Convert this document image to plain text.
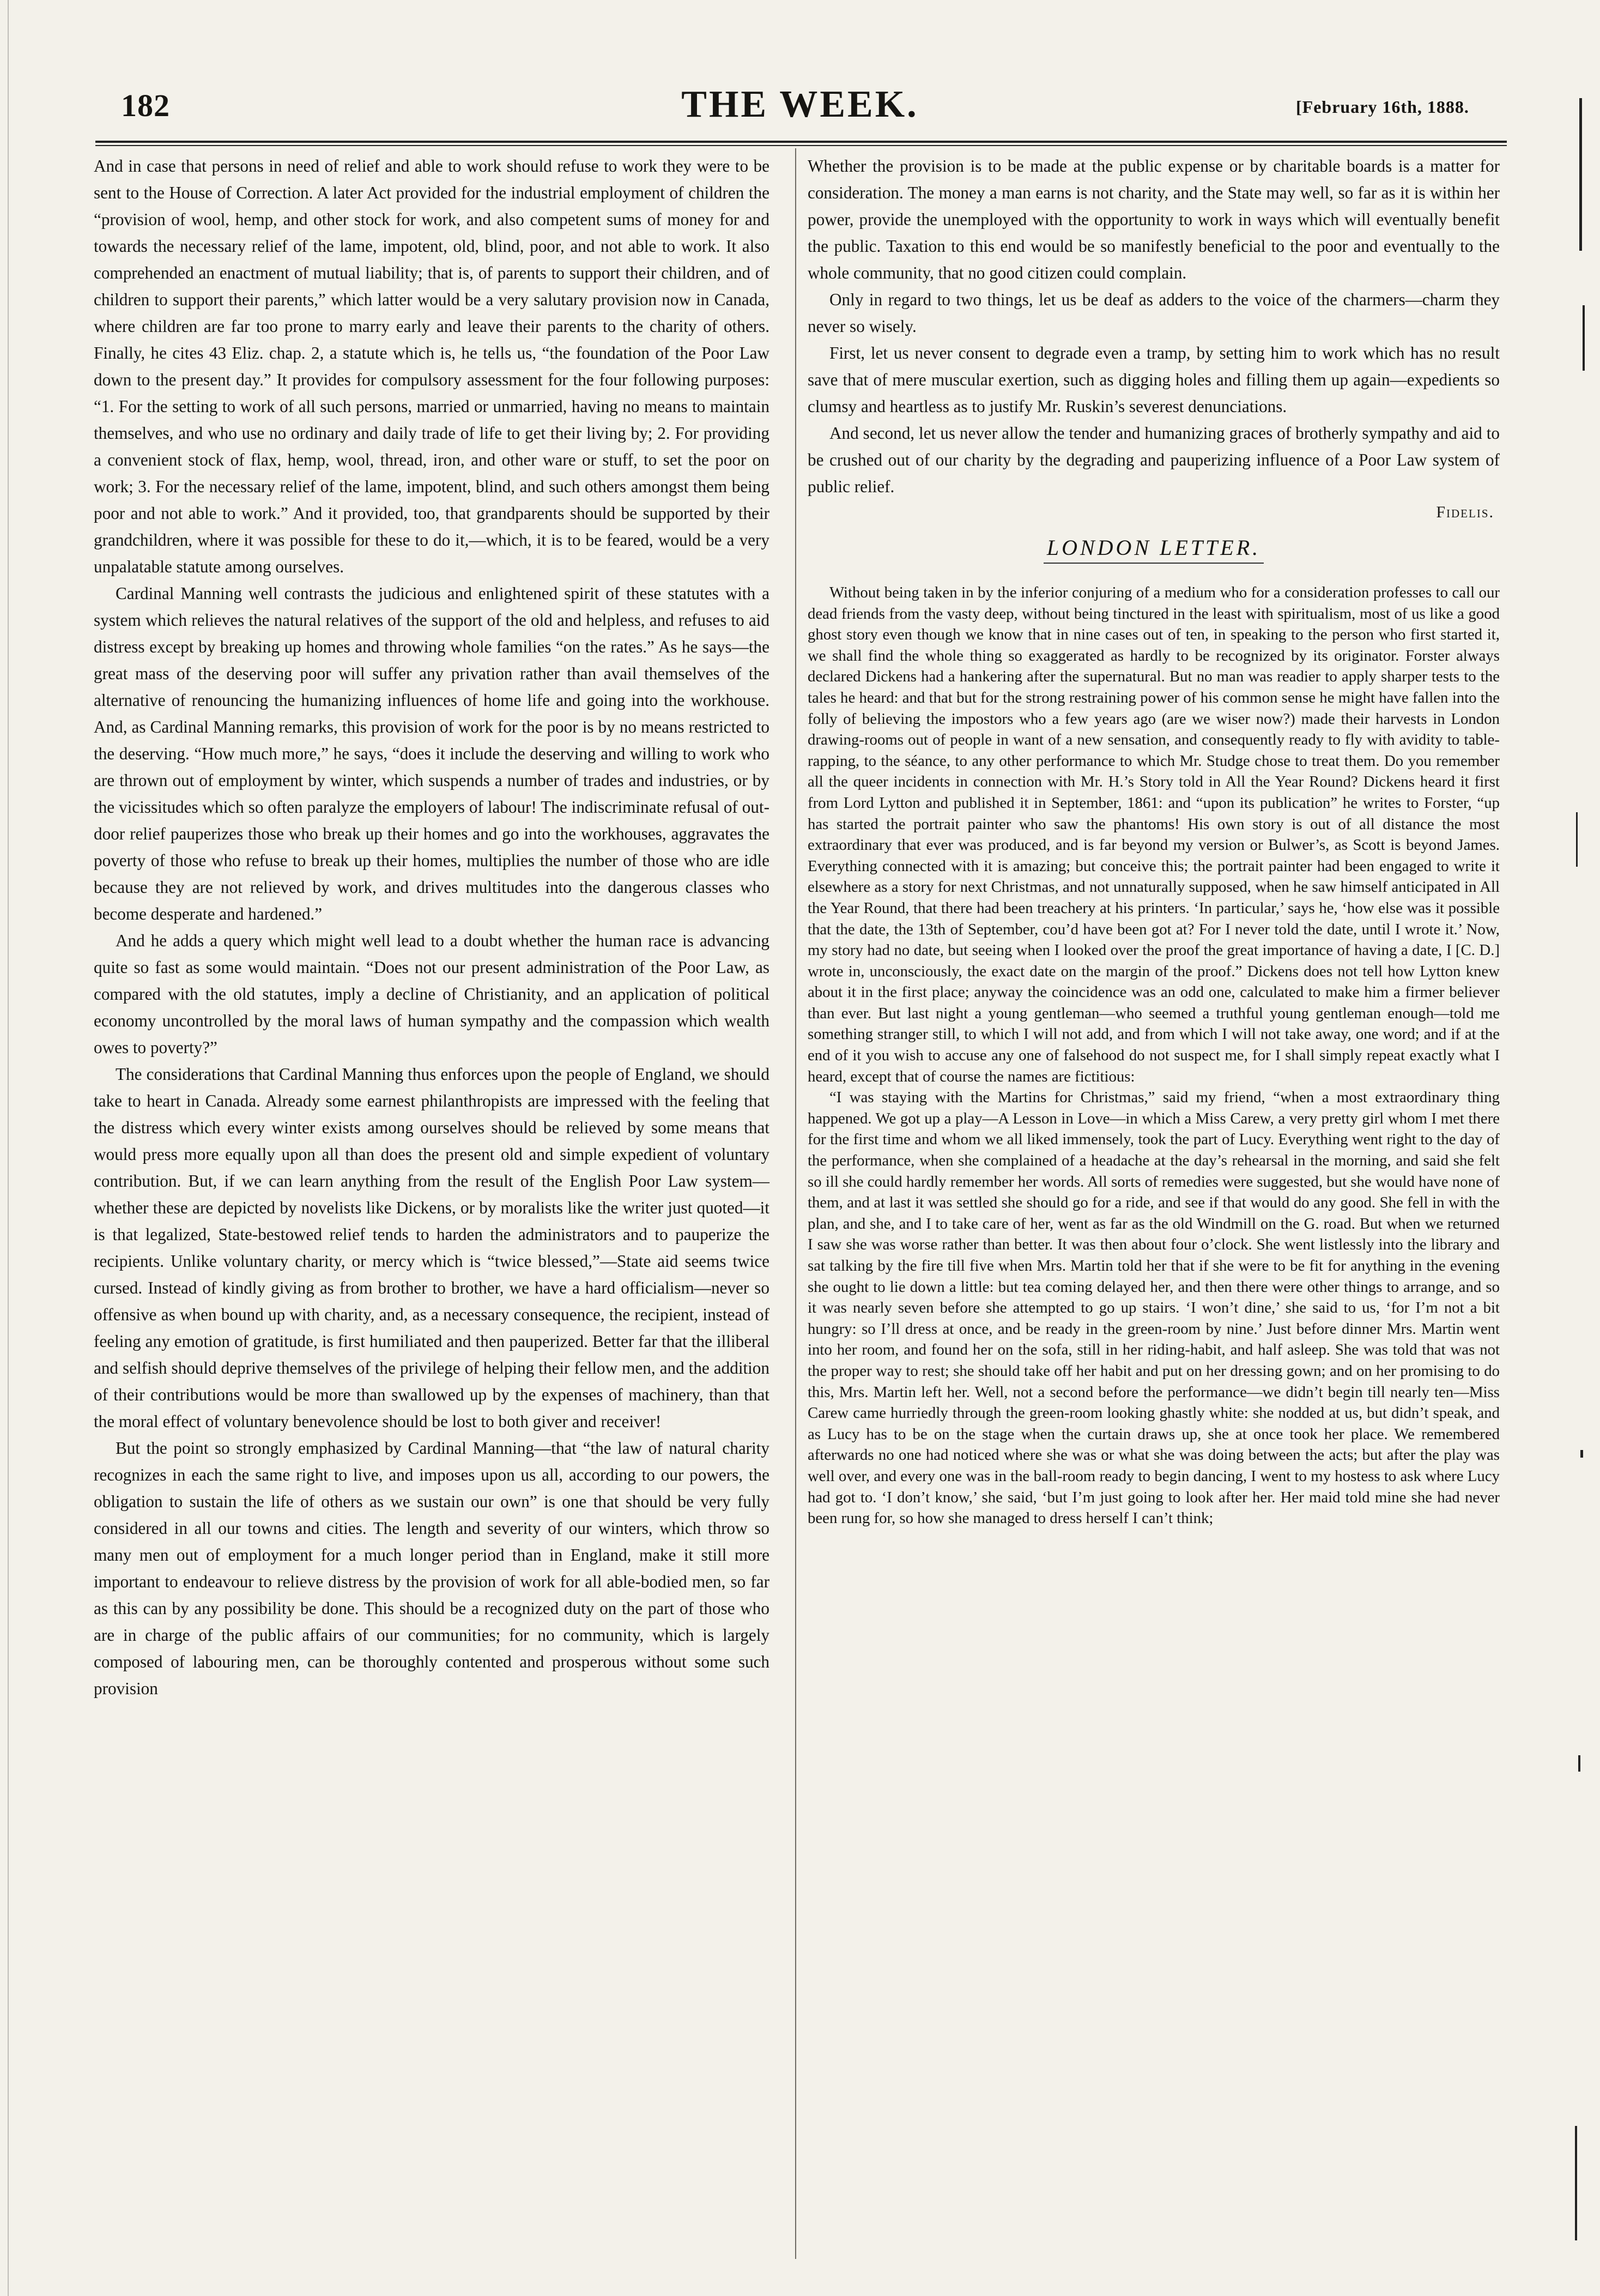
182	THE WEEK.	[February 16th, 1888.

And in case that persons in need of relief and able to work should refuse to work they were to be sent to the House of Correction. A later Act provided for the industrial employment of children the “provision of wool, hemp, and other stock for work, and also competent sums of money for and towards the necessary relief of the lame, impotent, old, blind, poor, and not able to work. It also comprehended an enactment of mutual liability; that is, of parents to support their children, and of children to support their parents,” which latter would be a very salutary provision now in Canada, where children are far too prone to marry early and leave their parents to the charity of others. Finally, he cites 43 Eliz. chap. 2, a statute which is, he tells us, “the foundation of the Poor Law down to the present day.” It provides for compulsory assessment for the four following purposes: “1. For the setting to work of all such persons, married or unmarried, having no means to maintain themselves, and who use no ordinary and daily trade of life to get their living by; 2. For providing a convenient stock of flax, hemp, wool, thread, iron, and other ware or stuff, to set the poor on work; 3. For the necessary relief of the lame, impotent, blind, and such others amongst them being poor and not able to work.” And it provided, too, that grandparents should be supported by their grandchildren, where it was possible for these to do it,—which, it is to be feared, would be a very unpalatable statute among ourselves.

Cardinal Manning well contrasts the judicious and enlightened spirit of these statutes with a system which relieves the natural relatives of the support of the old and helpless, and refuses to aid distress except by breaking up homes and throwing whole families “on the rates.” As he says—the great mass of the deserving poor will suffer any privation rather than avail themselves of the alternative of renouncing the humanizing influences of home life and going into the workhouse. And, as Cardinal Manning remarks, this provision of work for the poor is by no means restricted to the deserving. “How much more,” he says, “does it include the deserving and willing to work who are thrown out of employment by winter, which suspends a number of trades and industries, or by the vicissitudes which so often paralyze the employers of labour! The indiscriminate refusal of out-door relief pauperizes those who break up their homes and go into the workhouses, aggravates the poverty of those who refuse to break up their homes, multiplies the number of those who are idle because they are not relieved by work, and drives multitudes into the dangerous classes who become desperate and hardened.”

And he adds a query which might well lead to a doubt whether the human race is advancing quite so fast as some would maintain. “Does not our present administration of the Poor Law, as compared with the old statutes, imply a decline of Christianity, and an application of political economy uncontrolled by the moral laws of human sympathy and the compassion which wealth owes to poverty?”

The considerations that Cardinal Manning thus enforces upon the people of England, we should take to heart in Canada. Already some earnest philanthropists are impressed with the feeling that the distress which every winter exists among ourselves should be relieved by some means that would press more equally upon all than does the present old and simple expedient of voluntary contribution. But, if we can learn anything from the result of the English Poor Law system—whether these are depicted by novelists like Dickens, or by moralists like the writer just quoted—it is that legalized, State-bestowed relief tends to harden the administrators and to pauperize the recipients. Unlike voluntary charity, or mercy which is “twice blessed,”—State aid seems twice cursed. Instead of kindly giving as from brother to brother, we have a hard officialism—never so offensive as when bound up with charity, and, as a necessary consequence, the recipient, instead of feeling any emotion of gratitude, is first humiliated and then pauperized. Better far that the illiberal and selfish should deprive themselves of the privilege of helping their fellow men, and the addition of their contributions would be more than swallowed up by the expenses of machinery, than that the moral effect of voluntary benevolence should be lost to both giver and receiver!

But the point so strongly emphasized by Cardinal Manning—that “the law of natural charity recognizes in each the same right to live, and imposes upon us all, according to our powers, the obligation to sustain the life of others as we sustain our own” is one that should be very fully considered in all our towns and cities. The length and severity of our winters, which throw so many men out of employment for a much longer period than in England, make it still more important to endeavour to relieve distress by the provision of work for all able-bodied men, so far as this can by any possibility be done. This should be a recognized duty on the part of those who are in charge of the public affairs of our communities; for no community, which is largely composed of labouring men, can be thoroughly contented and prosperous without some such provision

Whether the provision is to be made at the public expense or by charitable boards is a matter for consideration. The money a man earns is not charity, and the State may well, so far as it is within her power, provide the unemployed with the opportunity to work in ways which will eventually benefit the public. Taxation to this end would be so manifestly beneficial to the poor and eventually to the whole community, that no good citizen could complain.

Only in regard to two things, let us be deaf as adders to the voice of the charmers—charm they never so wisely.

First, let us never consent to degrade even a tramp, by setting him to work which has no result save that of mere muscular exertion, such as digging holes and filling them up again—expedients so clumsy and heartless as to justify Mr. Ruskin’s severest denunciations.

And second, let us never allow the tender and humanizing graces of brotherly sympathy and aid to be crushed out of our charity by the degrading and pauperizing influence of a Poor Law system of public relief.

Fidelis.

LONDON LETTER.

Without being taken in by the inferior conjuring of a medium who for a consideration professes to call our dead friends from the vasty deep, without being tinctured in the least with spiritualism, most of us like a good ghost story even though we know that in nine cases out of ten, in speaking to the person who first started it, we shall find the whole thing so exaggerated as hardly to be recognized by its originator. Forster always declared Dickens had a hankering after the supernatural. But no man was readier to apply sharper tests to the tales he heard: and that but for the strong restraining power of his common sense he might have fallen into the folly of believing the impostors who a few years ago (are we wiser now?) made their harvests in London drawing-rooms out of people in want of a new sensation, and consequently ready to fly with avidity to table-rapping, to the séance, to any other performance to which Mr. Studge chose to treat them. Do you remember all the queer incidents in connection with Mr. H.’s Story told in All the Year Round? Dickens heard it first from Lord Lytton and published it in September, 1861: and “upon its publication” he writes to Forster, “up has started the portrait painter who saw the phantoms! His own story is out of all distance the most extraordinary that ever was produced, and is far beyond my version or Bulwer’s, as Scott is beyond James. Everything connected with it is amazing; but conceive this; the portrait painter had been engaged to write it elsewhere as a story for next Christmas, and not unnaturally supposed, when he saw himself anticipated in All the Year Round, that there had been treachery at his printers. ‘In particular,’ says he, ‘how else was it possible that the date, the 13th of September, cou’d have been got at? For I never told the date, until I wrote it.’ Now, my story had no date, but seeing when I looked over the proof the great importance of having a date, I [C. D.] wrote in, unconsciously, the exact date on the margin of the proof.” Dickens does not tell how Lytton knew about it in the first place; anyway the coincidence was an odd one, calculated to make him a firmer believer than ever. But last night a young gentleman—who seemed a truthful young gentleman enough—told me something stranger still, to which I will not add, and from which I will not take away, one word; and if at the end of it you wish to accuse any one of falsehood do not suspect me, for I shall simply repeat exactly what I heard, except that of course the names are fictitious:

“I was staying with the Martins for Christmas,” said my friend, “when a most extraordinary thing happened. We got up a play—A Lesson in Love—in which a Miss Carew, a very pretty girl whom I met there for the first time and whom we all liked immensely, took the part of Lucy. Everything went right to the day of the performance, when she complained of a headache at the day’s rehearsal in the morning, and said she felt so ill she could hardly remember her words. All sorts of remedies were suggested, but she would have none of them, and at last it was settled she should go for a ride, and see if that would do any good. She fell in with the plan, and she, and I to take care of her, went as far as the old Windmill on the G. road. But when we returned I saw she was worse rather than better. It was then about four o’clock. She went listlessly into the library and sat talking by the fire till five when Mrs. Martin told her that if she were to be fit for anything in the evening she ought to lie down a little: but tea coming delayed her, and then there were other things to arrange, and so it was nearly seven before she attempted to go up stairs. ‘I won’t dine,’ she said to us, ‘for I’m not a bit hungry: so I’ll dress at once, and be ready in the green-room by nine.’ Just before dinner Mrs. Martin went into her room, and found her on the sofa, still in her riding-habit, and half asleep. She was told that was not the proper way to rest; she should take off her habit and put on her dressing gown; and on her promising to do this, Mrs. Martin left her. Well, not a second before the performance—we didn’t begin till nearly ten—Miss Carew came hurriedly through the green-room looking ghastly white: she nodded at us, but didn’t speak, and as Lucy has to be on the stage when the curtain draws up, she at once took her place. We remembered afterwards no one had noticed where she was or what she was doing between the acts; but after the play was well over, and every one was in the ball-room ready to begin dancing, I went to my hostess to ask where Lucy had got to. ‘I don’t know,’ she said, ‘but I’m just going to look after her. Her maid told mine she had never been rung for, so how she managed to dress herself I can’t think;
